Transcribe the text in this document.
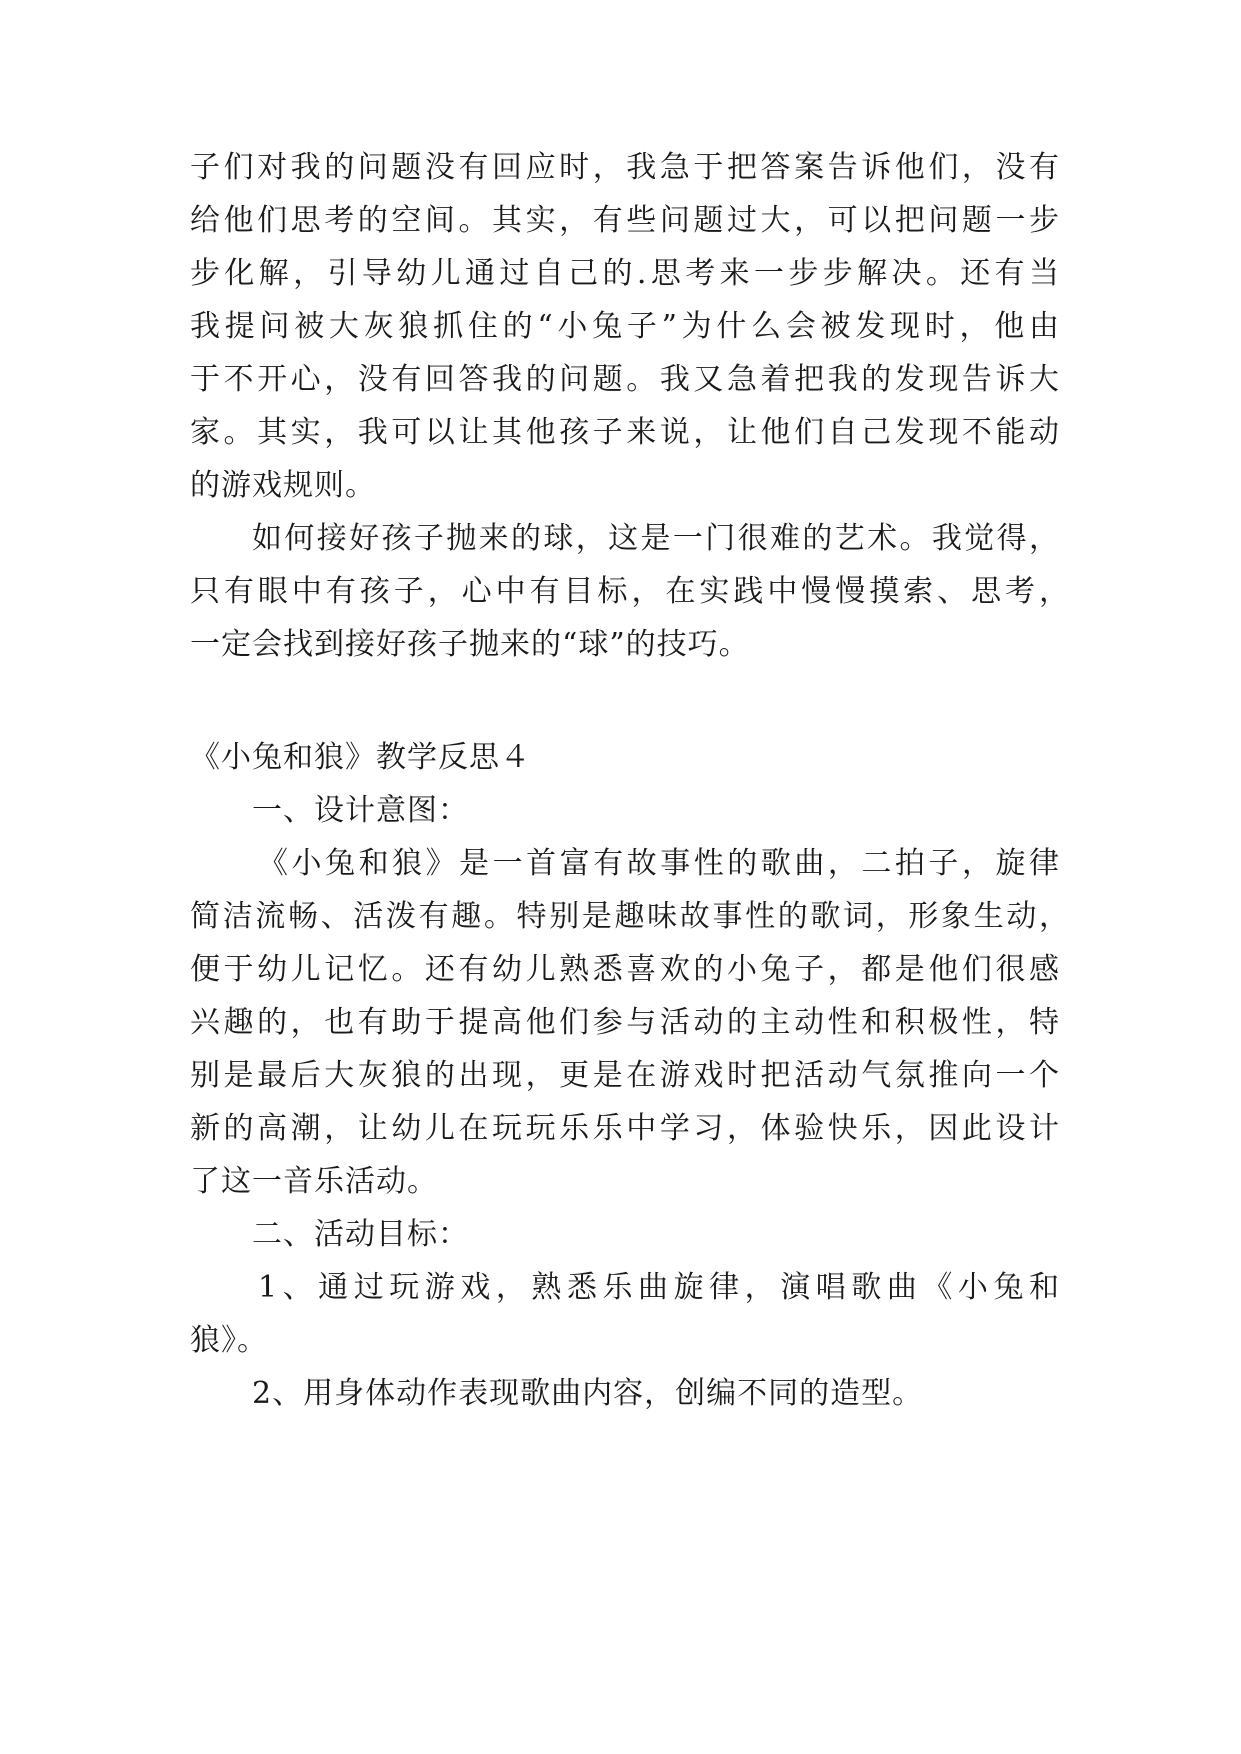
子们对我的问题没有回应时，我急于把答案告诉他们，没有
给他们思考的空间。其实，有些问题过大，可以把问题一步
步化解，引导幼儿通过自己的.思考来一步步解决。还有当
我提问被大灰狼抓住的“小兔子”为什么会被发现时，他由
于不开心，没有回答我的问题。我又急着把我的发现告诉大
家。其实，我可以让其他孩子来说，让他们自己发现不能动
的游戏规则。
如何接好孩子抛来的球，这是一门很难的艺术。我觉得，
只有眼中有孩子，心中有目标，在实践中慢慢摸索、思考，
一定会找到接好孩子抛来的“球”的技巧。
《小兔和狼》教学反思４
一、设计意图：
《小兔和狼》是一首富有故事性的歌曲，二拍子，旋律
简洁流畅、活泼有趣。特别是趣味故事性的歌词，形象生动，
便于幼儿记忆。还有幼儿熟悉喜欢的小兔子，都是他们很感
兴趣的，也有助于提高他们参与活动的主动性和积极性，特
别是最后大灰狼的出现，更是在游戏时把活动气氛推向一个
新的高潮，让幼儿在玩玩乐乐中学习，体验快乐，因此设计
了这一音乐活动。
二、活动目标：
1、通过玩游戏，熟悉乐曲旋律，演唱歌曲《小兔和
狼》。
2、用身体动作表现歌曲内容，创编不同的造型。
